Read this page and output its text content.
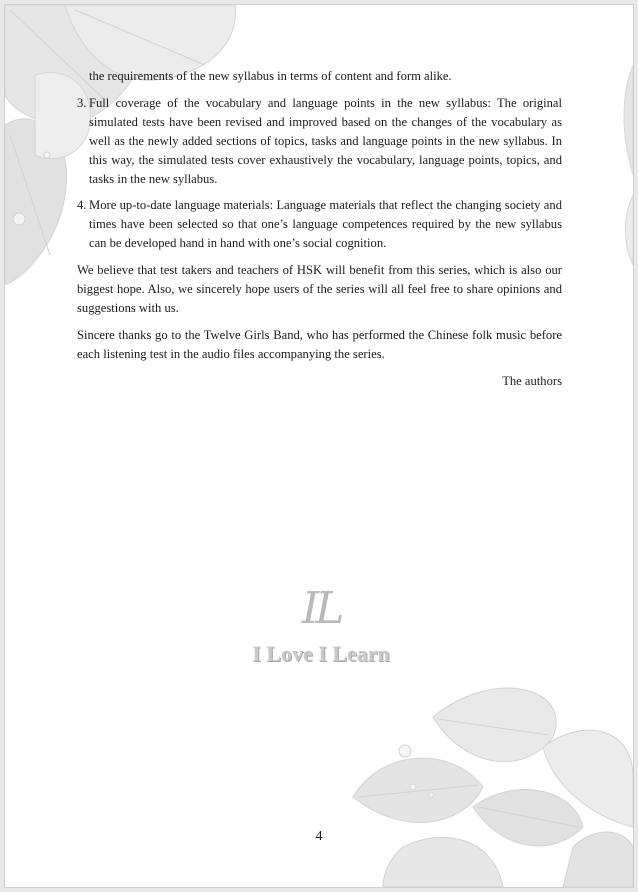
the requirements of the new syllabus in terms of content and form alike.

3. Full coverage of the vocabulary and language points in the new syllabus: The original simulated tests have been revised and improved based on the changes of the vocabulary as well as the newly added sections of topics, tasks and language points in the new syllabus. In this way, the simulated tests cover exhaustively the vocabulary, language points, topics, and tasks in the new syllabus.
4. More up-to-date language materials: Language materials that reflect the changing society and times have been selected so that one’s language competences required by the new syllabus can be developed hand in hand with one’s social cognition.

We believe that test takers and teachers of HSK will benefit from this series, which is also our biggest hope. Also, we sincerely hope users of the series will all feel free to share opinions and suggestions with us.

Sincere thanks go to the Twelve Girls Band, who has performed the Chinese folk music before each listening test in the audio files accompanying the series.

The authors

IL
I Love I Learn
4
